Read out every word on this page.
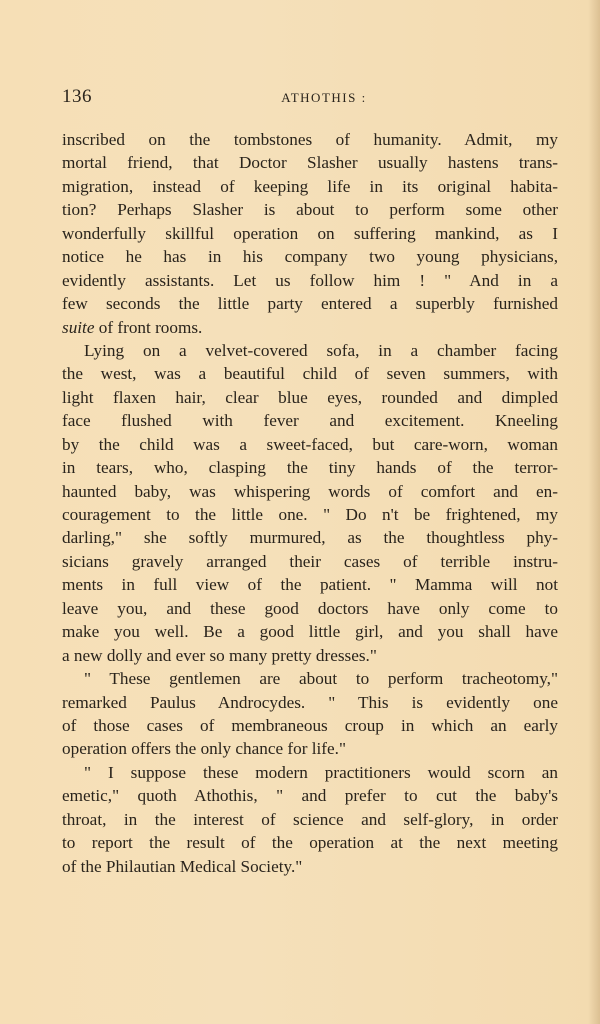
136	ATHOTHIS :
inscribed on the tombstones of humanity. Admit, my
mortal friend, that Doctor Slasher usually hastens trans-
migration, instead of keeping life in its original habita-
tion? Perhaps Slasher is about to perform some other
wonderfully skillful operation on suffering mankind, as I
notice he has in his company two young physicians,
evidently assistants. Let us follow him ! " And in a
few seconds the little party entered a superbly furnished
suite of front rooms.
Lying on a velvet-covered sofa, in a chamber facing
the west, was a beautiful child of seven summers, with
light flaxen hair, clear blue eyes, rounded and dimpled
face flushed with fever and excitement. Kneeling
by the child was a sweet-faced, but care-worn, woman
in tears, who, clasping the tiny hands of the terror-
haunted baby, was whispering words of comfort and en-
couragement to the little one. " Do n't be frightened, my
darling," she softly murmured, as the thoughtless phy-
sicians gravely arranged their cases of terrible instru-
ments in full view of the patient. " Mamma will not
leave you, and these good doctors have only come to
make you well. Be a good little girl, and you shall have
a new dolly and ever so many pretty dresses."
" These gentlemen are about to perform tracheotomy,"
remarked Paulus Androcydes. " This is evidently one
of those cases of membraneous croup in which an early
operation offers the only chance for life."
" I suppose these modern practitioners would scorn an
emetic," quoth Athothis, " and prefer to cut the baby's
throat, in the interest of science and self-glory, in order
to report the result of the operation at the next meeting
of the Philautian Medical Society."
